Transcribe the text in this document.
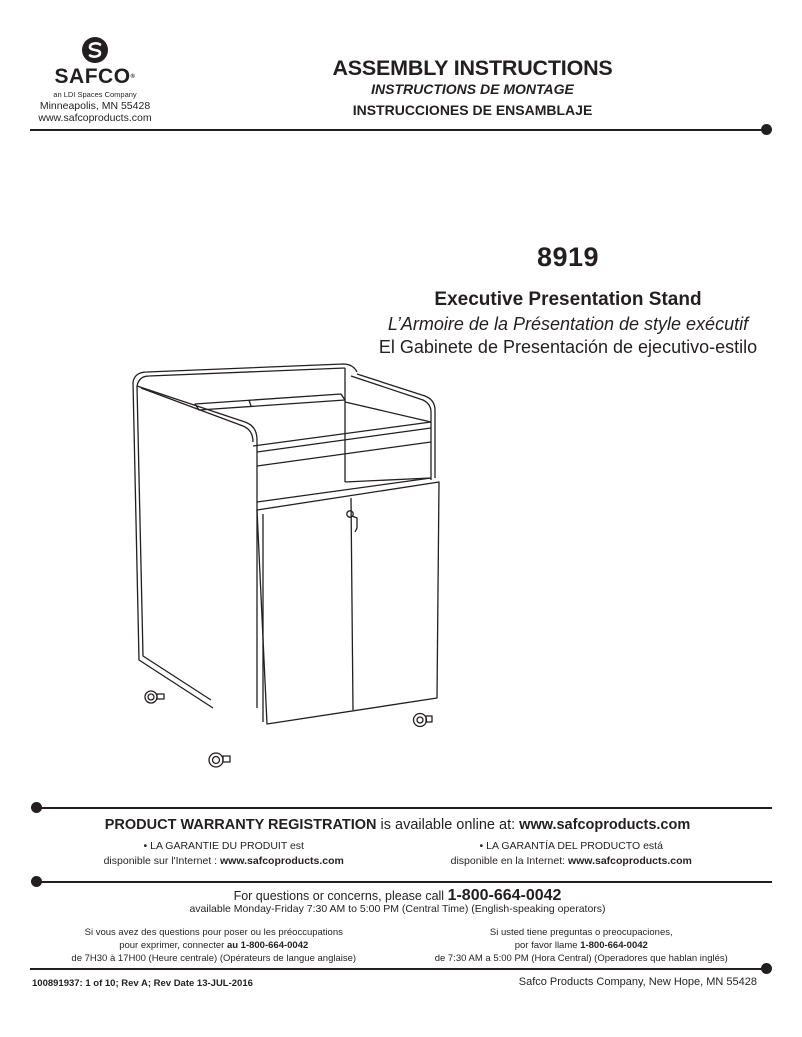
SAFCO®
an LDI Spaces Company
Minneapolis, MN 55428
www.safcoproducts.com
ASSEMBLY INSTRUCTIONS
INSTRUCTIONS DE MONTAGE
INSTRUCCIONES DE ENSAMBLAJE
8919
Executive Presentation Stand
L’Armoire de la Présentation de style exécutif
El Gabinete de Presentación de ejecutivo-estilo
PRODUCT WARRANTY REGISTRATION is available online at: www.safcoproducts.com
• LA GARANTIE DU PRODUIT est
disponible sur l'Internet : www.safcoproducts.com
• LA GARANTÍA DEL PRODUCTO está
disponible en la Internet: www.safcoproducts.com
For questions or concerns, please call 1-800-664-0042
available Monday-Friday 7:30 AM to 5:00 PM (Central Time) (English-speaking operators)
Si vous avez des questions pour poser ou les préoccupations
pour exprimer, connecter au 1-800-664-0042
de 7H30 à 17H00 (Heure centrale) (Opérateurs de langue anglaise)
Si usted tiene preguntas o preocupaciones,
por favor llame 1-800-664-0042
de 7:30 AM a 5:00 PM (Hora Central) (Operadores que hablan inglés)
100891937: 1 of 10; Rev A; Rev Date 13-JUL-2016	Safco Products Company, New Hope, MN 55428
